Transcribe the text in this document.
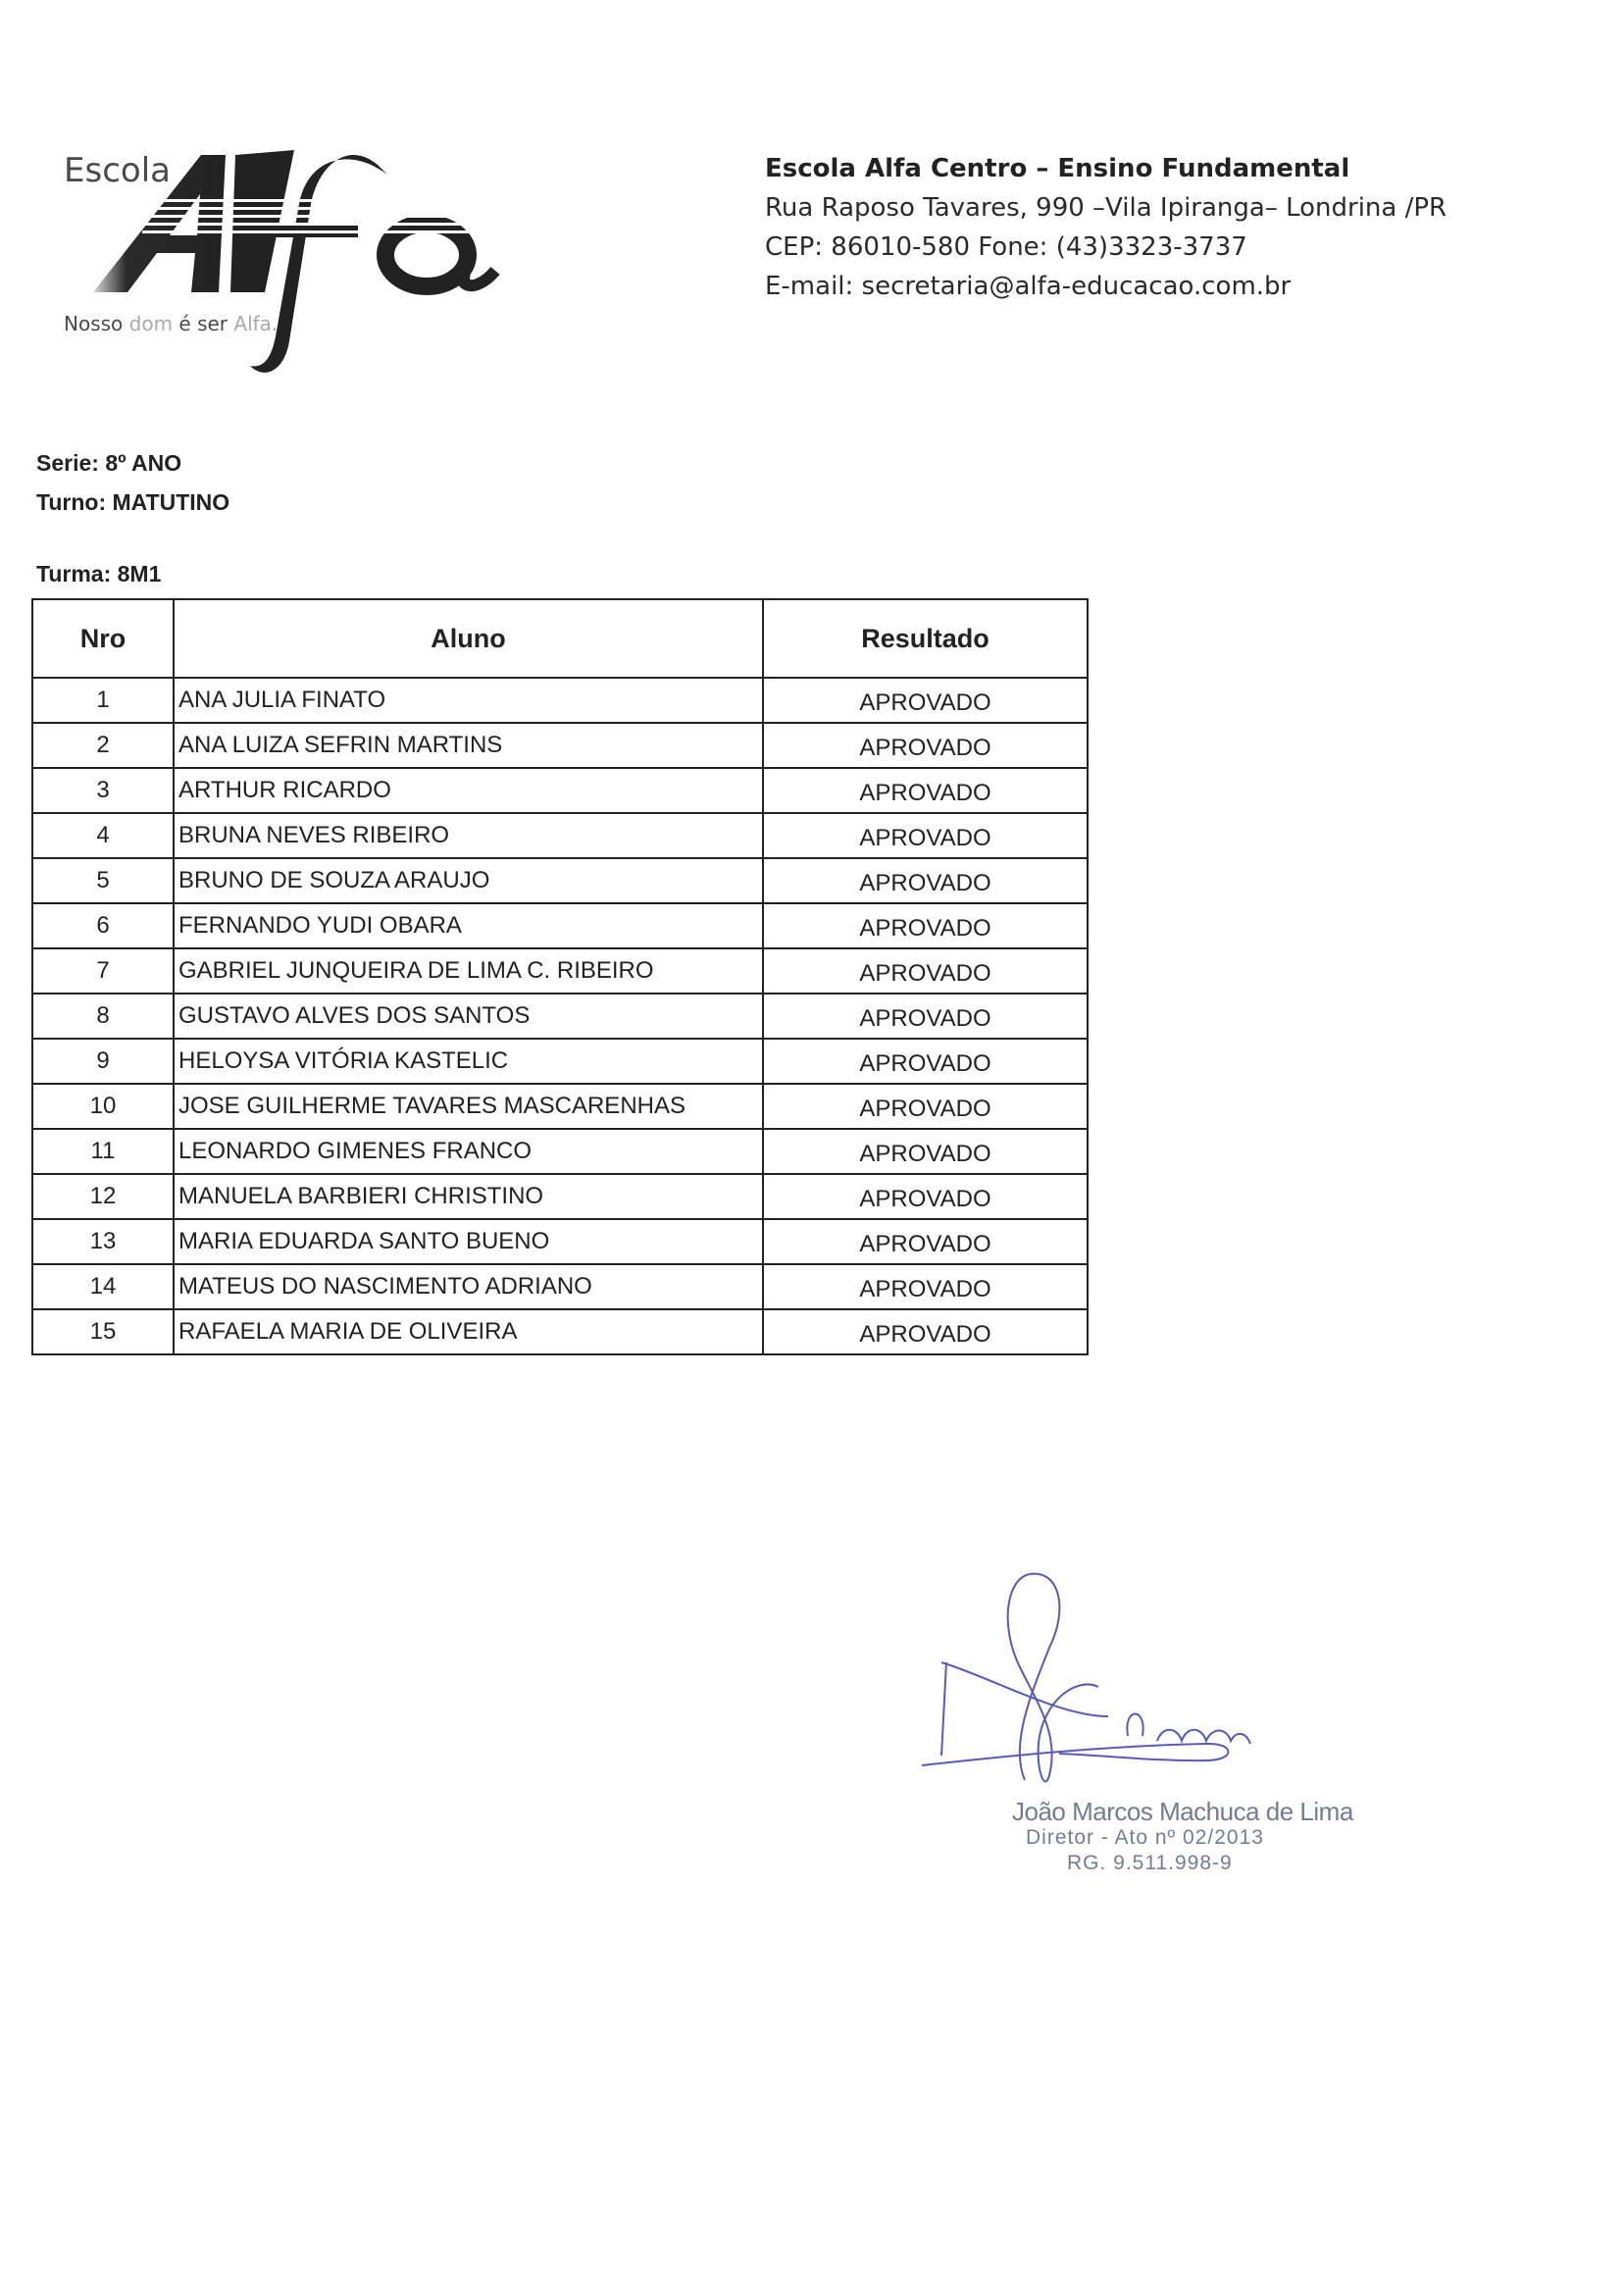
Escola
Nosso dom é ser Alfa.
Escola Alfa Centro – Ensino Fundamental
Rua Raposo Tavares, 990 –Vila Ipiranga– Londrina /PR
CEP: 86010-580 Fone: (43)3323-3737
E-mail: secretaria@alfa-educacao.com.br
Serie: 8º ANO
Turno: MATUTINO
Turma: 8M1
Nro	Aluno	Resultado
1	ANA JULIA FINATO	APROVADO
2	ANA LUIZA SEFRIN MARTINS	APROVADO
3	ARTHUR RICARDO	APROVADO
4	BRUNA NEVES RIBEIRO	APROVADO
5	BRUNO DE SOUZA ARAUJO	APROVADO
6	FERNANDO YUDI OBARA	APROVADO
7	GABRIEL JUNQUEIRA DE LIMA C. RIBEIRO	APROVADO
8	GUSTAVO ALVES DOS SANTOS	APROVADO
9	HELOYSA VITÓRIA KASTELIC	APROVADO
10	JOSE GUILHERME TAVARES MASCARENHAS	APROVADO
11	LEONARDO GIMENES FRANCO	APROVADO
12	MANUELA BARBIERI CHRISTINO	APROVADO
13	MARIA EDUARDA SANTO BUENO	APROVADO
14	MATEUS DO NASCIMENTO ADRIANO	APROVADO
15	RAFAELA MARIA DE OLIVEIRA	APROVADO
João Marcos Machuca de Lima
Diretor - Ato nº 02/2013
RG. 9.511.998-9
